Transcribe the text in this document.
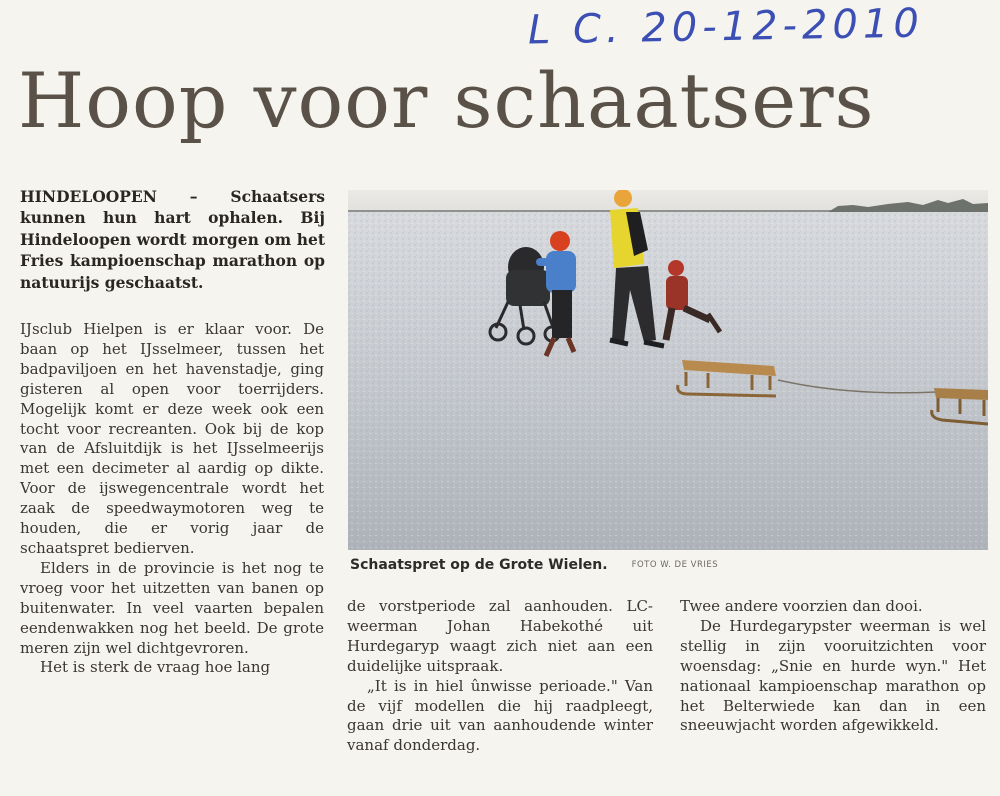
L C. 20-12-2010
Hoop voor schaatsers
HINDELOOPEN – Schaatsers kunnen hun hart ophalen. Bij Hindeloopen wordt morgen om het Fries kampioenschap marathon op natuurijs geschaatst.

IJsclub Hielpen is er klaar voor. De baan op het IJsselmeer, tussen het badpaviljoen en het havenstadje, ging gisteren al open voor toerrijders. Mogelijk komt er deze week ook een tocht voor recreanten. Ook bij de kop van de Afsluitdijk is het IJsselmeerijs met een decimeter al aardig op dikte. Voor de ijswegencentrale wordt het zaak de speedwaymotoren weg te houden, die er vorig jaar de schaatspret bedierven.

Elders in de provincie is het nog te vroeg voor het uitzetten van banen op buitenwater. In veel vaarten bepalen eendenwakken nog het beeld. De grote meren zijn wel dichtgevroren.

Het is sterk de vraag hoe lang

Schaatspret op de Grote Wielen.	FOTO W. DE VRIES

de vorstperiode zal aanhouden. LC-weerman Johan Habekothé uit Hurdegaryp waagt zich niet aan een duidelijke uitspraak.

„It is in hiel ûnwisse perioade." Van de vijf modellen die hij raadpleegt, gaan drie uit van aanhoudende winter vanaf donderdag.

Twee andere voorzien dan dooi.

De Hurdegarypster weerman is wel stellig in zijn vooruitzichten voor woensdag: „Snie en hurde wyn." Het nationaal kampioenschap marathon op het Belterwiede kan dan in een sneeuwjacht worden afgewikkeld.
